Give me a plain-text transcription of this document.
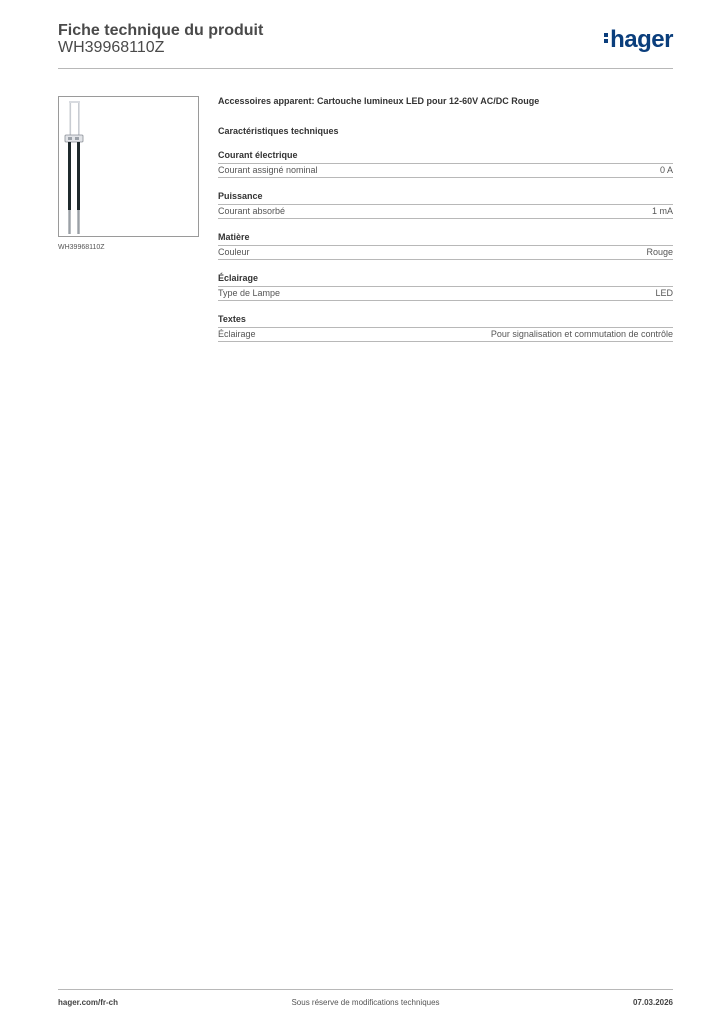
Fiche technique du produit
WH39968110Z	hager
WH39968110Z
Accessoires apparent: Cartouche lumineux LED pour 12-60V AC/DC Rouge
Caractéristiques techniques
Courant électrique
Courant assigné nominal	0 A
Puissance
Courant absorbé	1 mA
Matière
Couleur	Rouge
Éclairage
Type de Lampe	LED
Textes
Éclairage	Pour signalisation et commutation de contrôle
hager.com/fr-ch	Sous réserve de modifications techniques	07.03.2026
